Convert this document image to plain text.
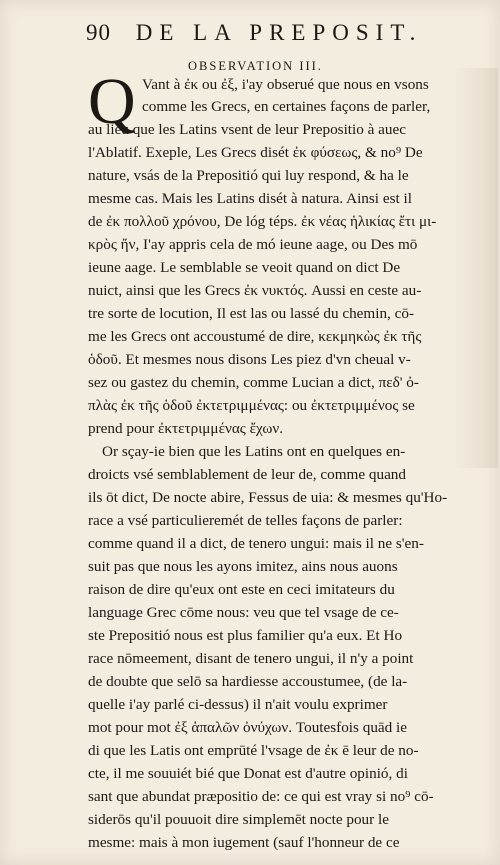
90 DE LA PREPOSIT.
OBSERVATION III.
Q Vant à ἐκ ou ἐξ, i'ay obserué que nous en vsons
comme les Grecs, en certaines façons de parler,
au lieu que les Latins vsent de leur Prepositio à auec
l'Ablatif. Exeple, Les Grecs disét ἐκ φύσεως, & no⁹ De
nature, vsás de la Prepositió qui luy respond, & ha le
mesme cas. Mais les Latins disét à natura. Ainsi est il
de ἐκ πολλοῦ χρόνου, De lóg téps. ἐκ νέας ἡλικίας ἔτι μι-
κρὸς ἤν, I'ay appris cela de mó ieune aage, ou Des mō
ieune aage. Le semblable se veoit quand on dict De
nuict, ainsi que les Grecs ἐκ νυκτός. Aussi en ceste au-
tre sorte de locution, Il est las ou lassé du chemin, cō-
me les Grecs ont accoustumé de dire, κεκμηκὼς ἐκ τῆς
ὁδοῦ. Et mesmes nous disons Les piez d'vn cheual v-
sez ou gastez du chemin, comme Lucian a dict, πεδ' ὀ-
πλὰς ἐκ τῆς ὁδοῦ ἐκτετριμμένας: ou ἐκτετριμμένος se
prend pour ἐκτετριμμένας ἔχων.
Or sçay-ie bien que les Latins ont en quelques en-
droicts vsé semblablement de leur de, comme quand
ils ōt dict, De nocte abire, Fessus de uia: & mesmes qu'Ho-
race a vsé particulieremét de telles façons de parler:
comme quand il a dict, de tenero ungui: mais il ne s'en-
suit pas que nous les ayons imitez, ains nous auons
raison de dire qu'eux ont este en ceci imitateurs du
language Grec cōme nous: veu que tel vsage de ce-
ste Prepositió nous est plus familier qu'a eux. Et Ho
race nōmeement, disant de tenero ungui, il n'y a point
de doubte que selō sa hardiesse accoustumee, (de la-
quelle i'ay parlé ci-dessus) il n'ait voulu exprimer
mot pour mot ἐξ ἁπαλῶν ὀνύχων. Toutesfois quād ie
di que les Latis ont emprūté l'vsage de ἐκ ē leur de no-
cte, il me souuiét bié que Donat est d'autre opinió, di
sant que abundat præpositio de: ce qui est vray si no⁹ cō-
siderōs qu'il pouuoit dire simplemēt nocte pour le
mesme: mais à mon iugement (sauf l'honneur de ce
